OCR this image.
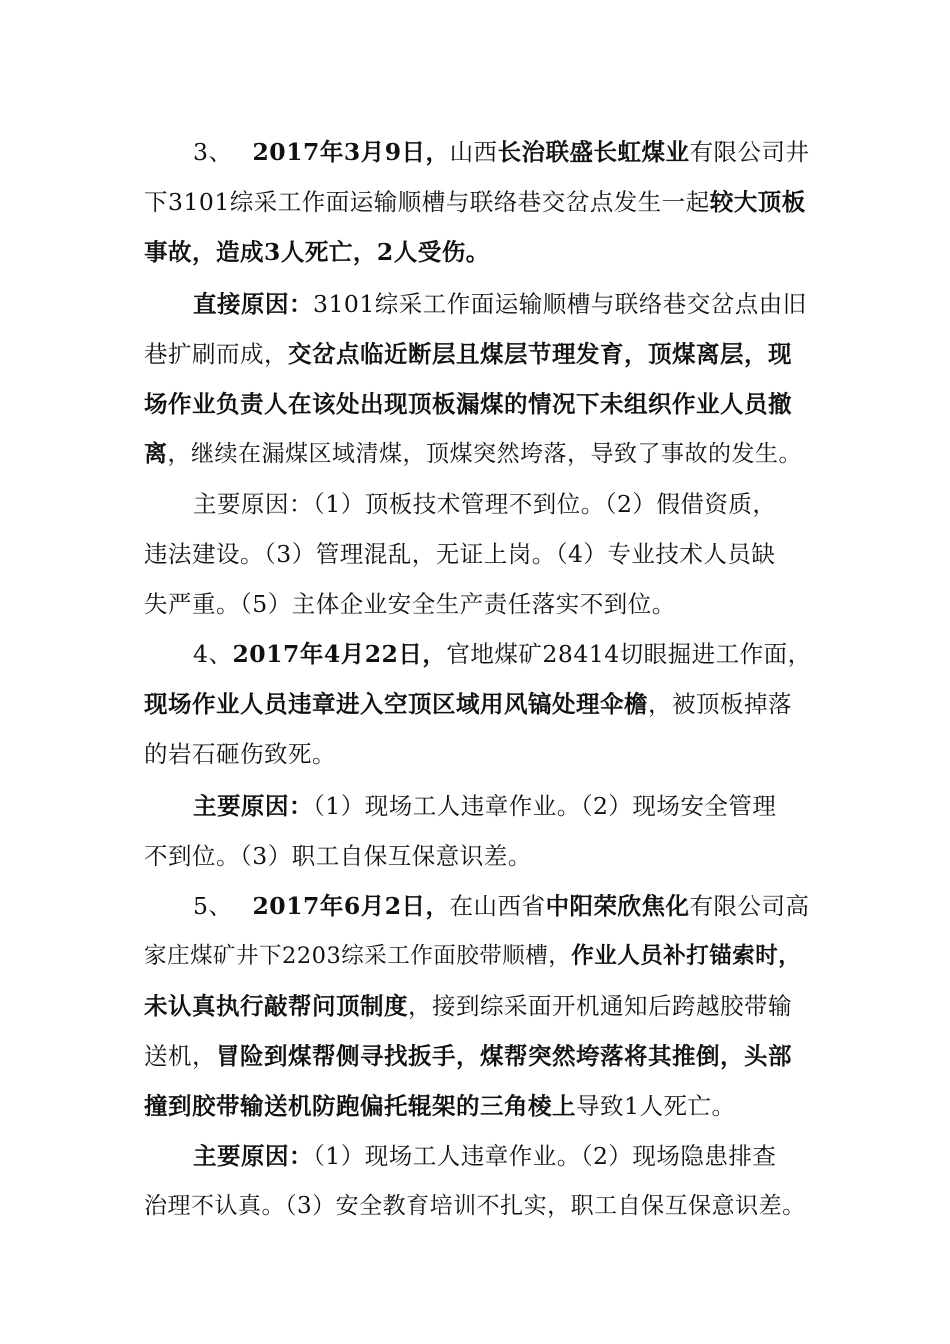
3、 2017年3月9日，山西长治联盛长虹煤业有限公司井
下3101综采工作面运输顺槽与联络巷交岔点发生一起较大顶板
事故，造成3人死亡，2人受伤。
直接原因：3101综采工作面运输顺槽与联络巷交岔点由旧
巷扩刷而成，交岔点临近断层且煤层节理发育，顶煤离层，现
场作业负责人在该处出现顶板漏煤的情况下未组织作业人员撤
离，继续在漏煤区域清煤，顶煤突然垮落，导致了事故的发生。
主要原因：（1）顶板技术管理不到位。（2）假借资质，
违法建设。（3）管理混乱，无证上岗。（4）专业技术人员缺
失严重。（5）主体企业安全生产责任落实不到位。
4、2017年4月22日，官地煤矿28414切眼掘进工作面，
现场作业人员违章进入空顶区域用风镐处理伞檐，被顶板掉落
的岩石砸伤致死。
主要原因：（1）现场工人违章作业。（2）现场安全管理
不到位。（3）职工自保互保意识差。
5、 2017年6月2日，在山西省中阳荣欣焦化有限公司高
家庄煤矿井下2203综采工作面胶带顺槽，作业人员补打锚索时，
未认真执行敲帮问顶制度，接到综采面开机通知后跨越胶带输
送机，冒险到煤帮侧寻找扳手，煤帮突然垮落将其推倒，头部
撞到胶带输送机防跑偏托辊架的三角棱上导致1人死亡。
主要原因：（1）现场工人违章作业。（2）现场隐患排查
治理不认真。（3）安全教育培训不扎实，职工自保互保意识差。
